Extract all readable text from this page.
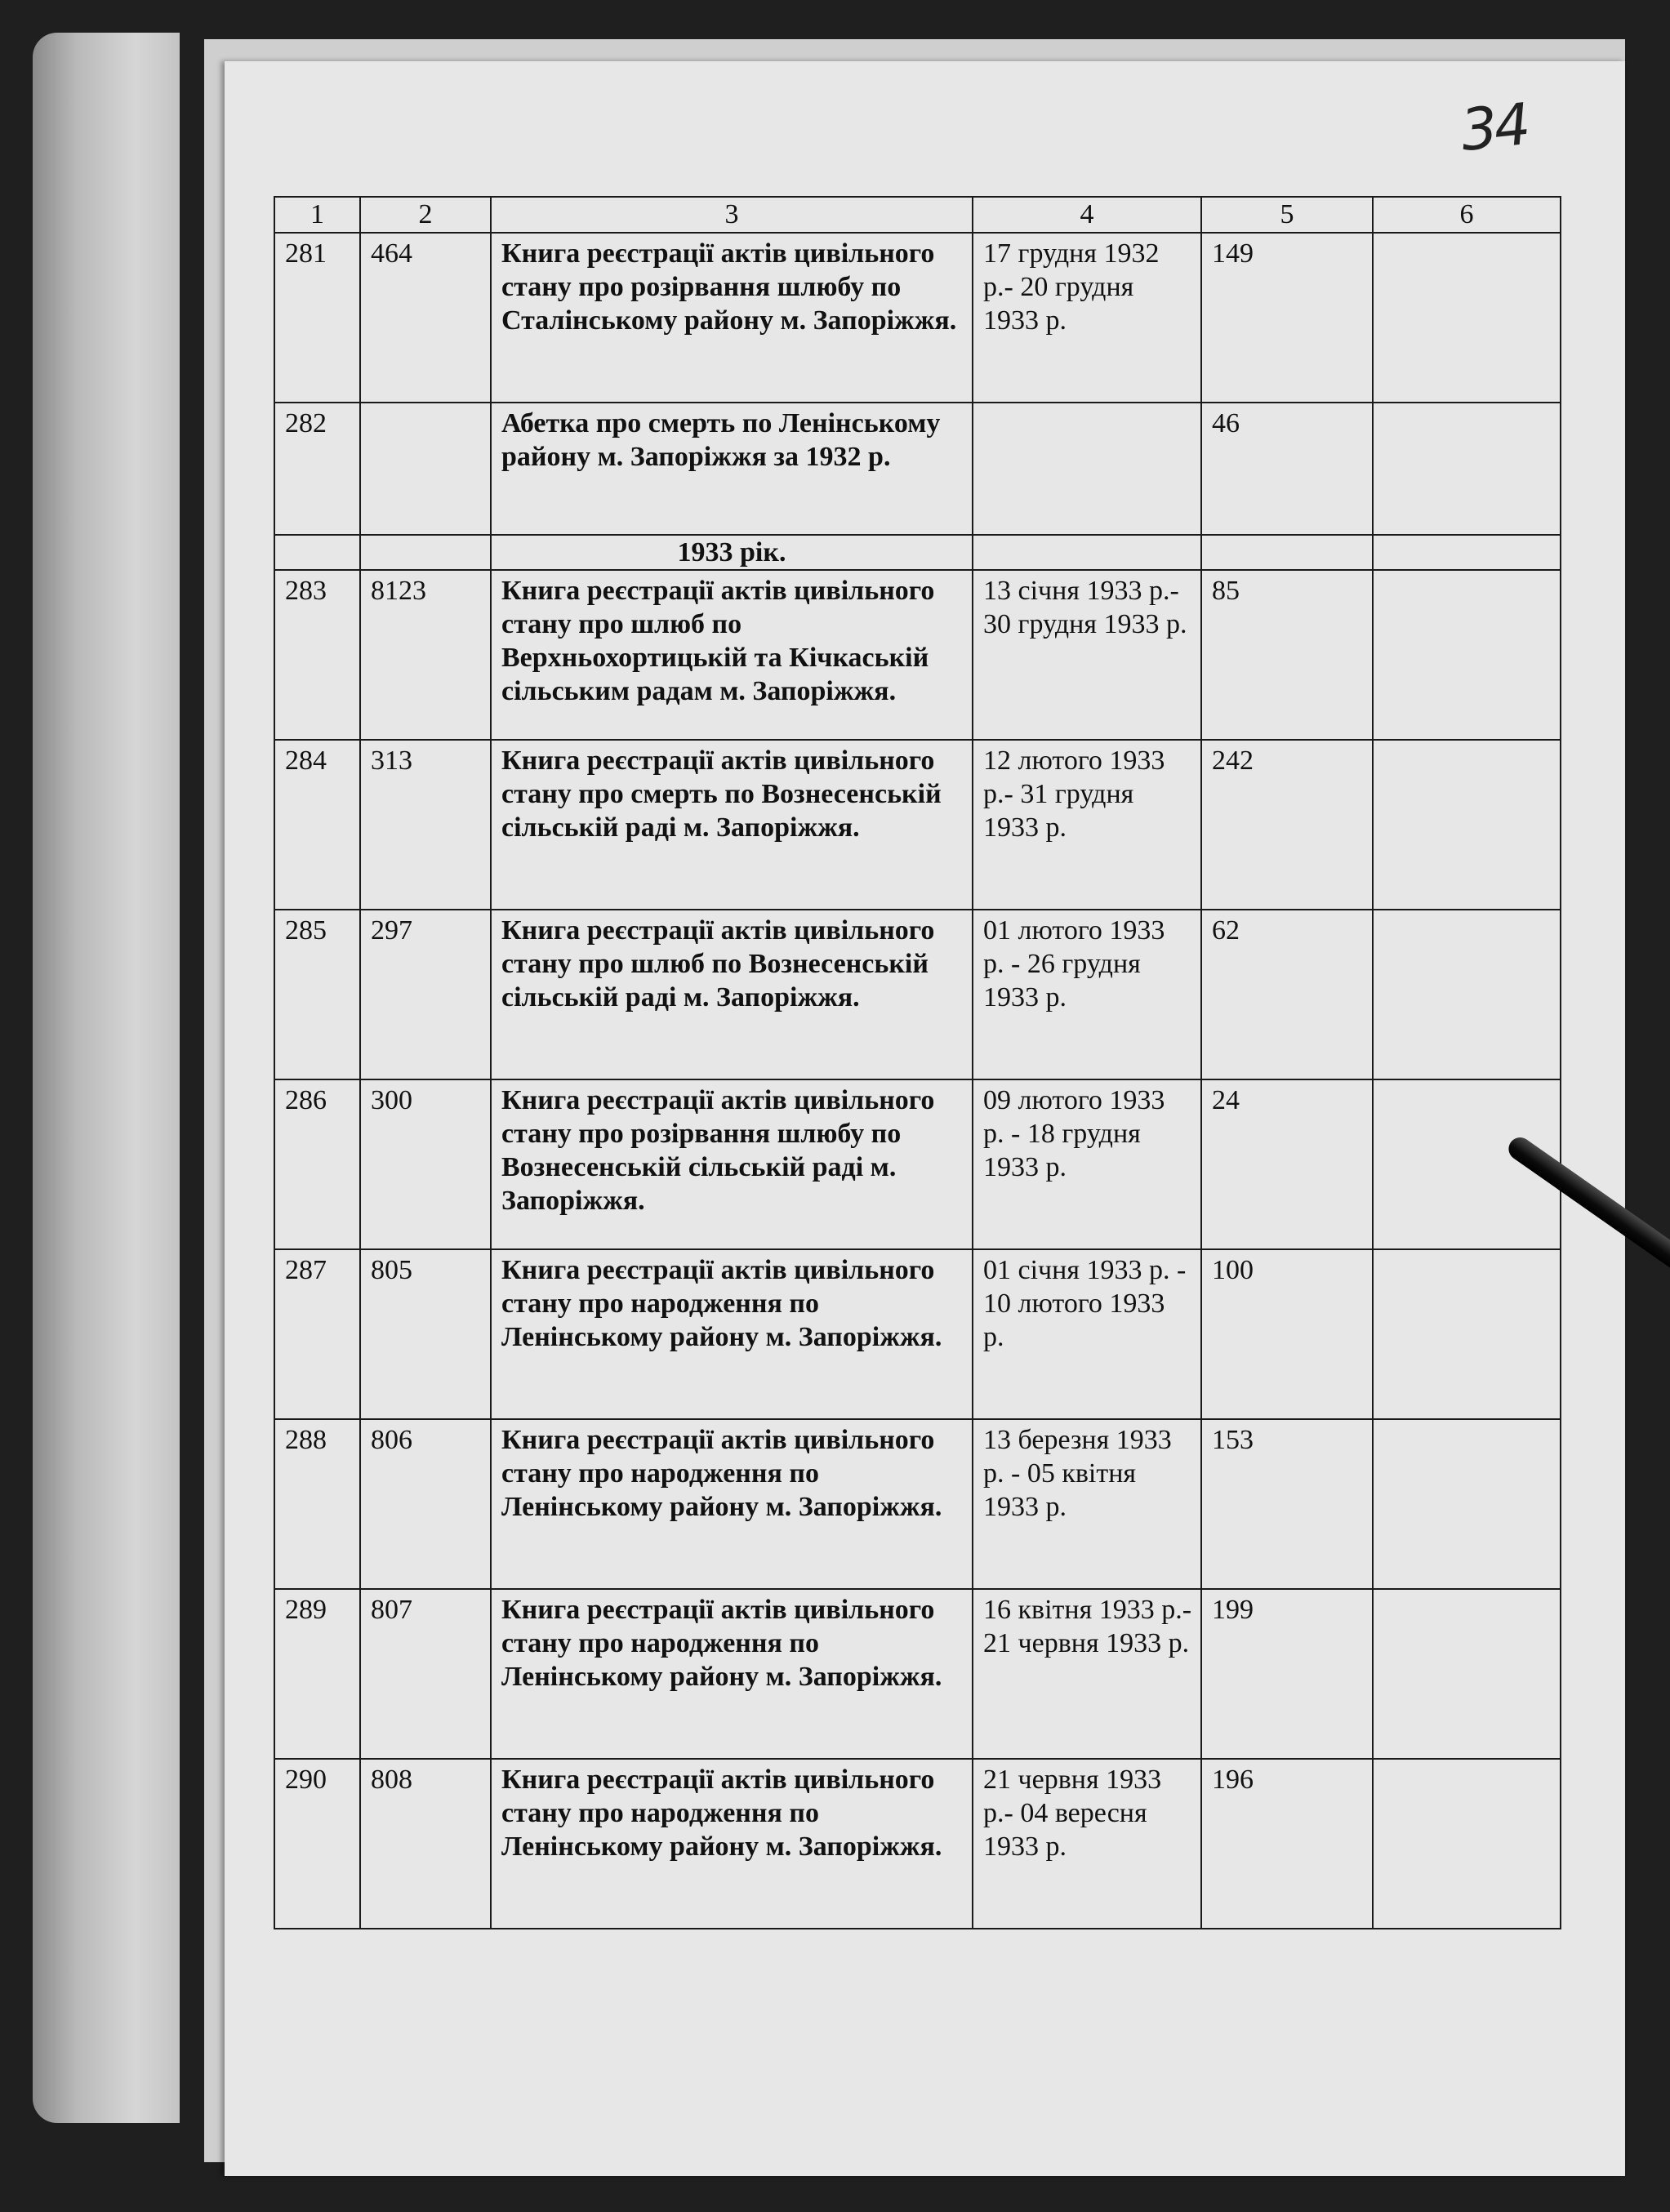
34
1	2	3	4	5	6
281	464	Книга реєстрації актів цивільного стану про розірвання шлюбу по Сталінському району м. Запоріжжя.	17 грудня 1932 р.- 20 грудня 1933 р.	149	
282		Абетка про смерть по Ленінському району м. Запоріжжя за 1932 р.		46	
		1933 рік.			
283	8123	Книга реєстрації актів цивільного стану про шлюб по Верхньохортицькій та Кічкаській сільським радам м. Запоріжжя.	13 січня 1933 р.- 30 грудня 1933 р.	85	
284	313	Книга реєстрації актів цивільного стану про смерть по Вознесенській сільській раді м. Запоріжжя.	12 лютого 1933 р.- 31 грудня 1933 р.	242	
285	297	Книга реєстрації актів цивільного стану про шлюб по Вознесенській сільській раді м. Запоріжжя.	01 лютого 1933 р. - 26 грудня 1933 р.	62	
286	300	Книга реєстрації актів цивільного стану про розірвання шлюбу по Вознесенській сільській раді м. Запоріжжя.	09 лютого 1933 р. - 18 грудня 1933 р.	24	
287	805	Книга реєстрації актів цивільного стану про народження по Ленінському району м. Запоріжжя.	01 січня 1933 р. - 10 лютого 1933 р.	100	
288	806	Книга реєстрації актів цивільного стану про народження по Ленінському району м. Запоріжжя.	13 березня 1933 р. - 05 квітня 1933 р.	153	
289	807	Книга реєстрації актів цивільного стану про народження по Ленінському району м. Запоріжжя.	16 квітня 1933 р.- 21 червня 1933 р.	199	
290	808	Книга реєстрації актів цивільного стану про народження по Ленінському району м. Запоріжжя.	21 червня 1933 р.- 04 вересня 1933 р.	196	
